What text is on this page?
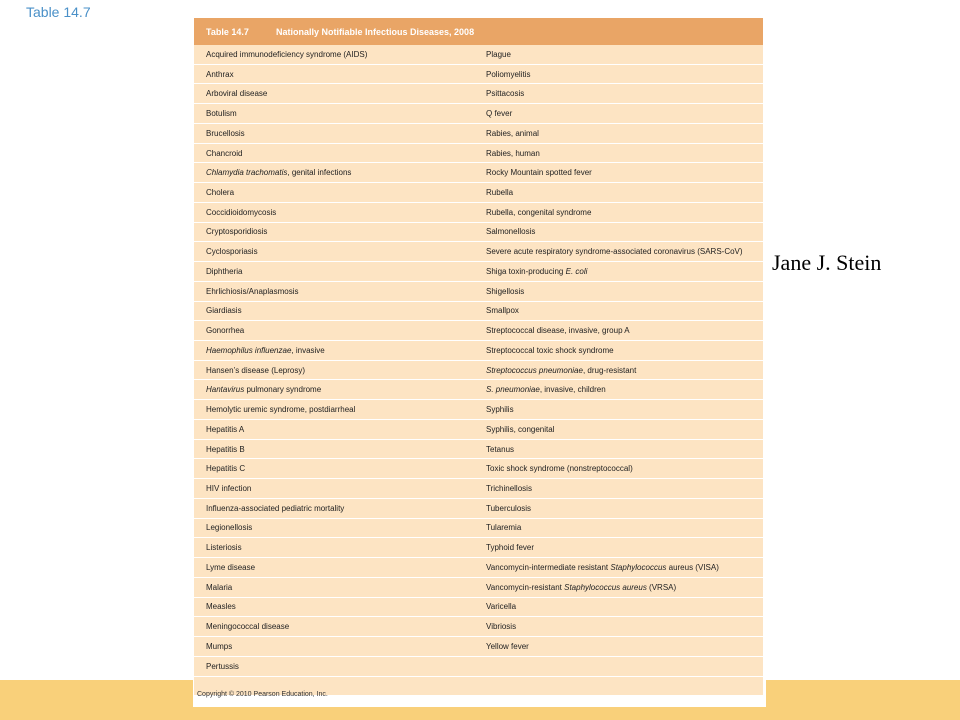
Table 14.7
Table 14.7	Nationally Notifiable Infectious Diseases, 2008
Acquired immunodeficiency syndrome (AIDS)	Plague
Anthrax	Poliomyelitis
Arboviral disease	Psittacosis
Botulism	Q fever
Brucellosis	Rabies, animal
Chancroid	Rabies, human
Chlamydia trachomatis, genital infections	Rocky Mountain spotted fever
Cholera	Rubella
Coccidioidomycosis	Rubella, congenital syndrome
Cryptosporidiosis	Salmonellosis
Cyclosporiasis	Severe acute respiratory syndrome-associated coronavirus (SARS-CoV)
Diphtheria	Shiga toxin-producing E. coli
Ehrlichiosis/Anaplasmosis	Shigellosis
Giardiasis	Smallpox
Gonorrhea	Streptococcal disease, invasive, group A
Haemophilus influenzae, invasive	Streptococcal toxic shock syndrome
Hansen’s disease (Leprosy)	Streptococcus pneumoniae, drug-resistant
Hantavirus pulmonary syndrome	S. pneumoniae, invasive, children
Hemolytic uremic syndrome, postdiarrheal	Syphilis
Hepatitis A	Syphilis, congenital
Hepatitis B	Tetanus
Hepatitis C	Toxic shock syndrome (nonstreptococcal)
HIV infection	Trichinellosis
Influenza-associated pediatric mortality	Tuberculosis
Legionellosis	Tularemia
Listeriosis	Typhoid fever
Lyme disease	Vancomycin-intermediate resistant Staphylococcus aureus (VISA)
Malaria	Vancomycin-resistant Staphylococcus aureus (VRSA)
Measles	Varicella
Meningococcal disease	Vibriosis
Mumps	Yellow fever
Pertussis
Copyright © 2010 Pearson Education, Inc.
Jane J. Stein
